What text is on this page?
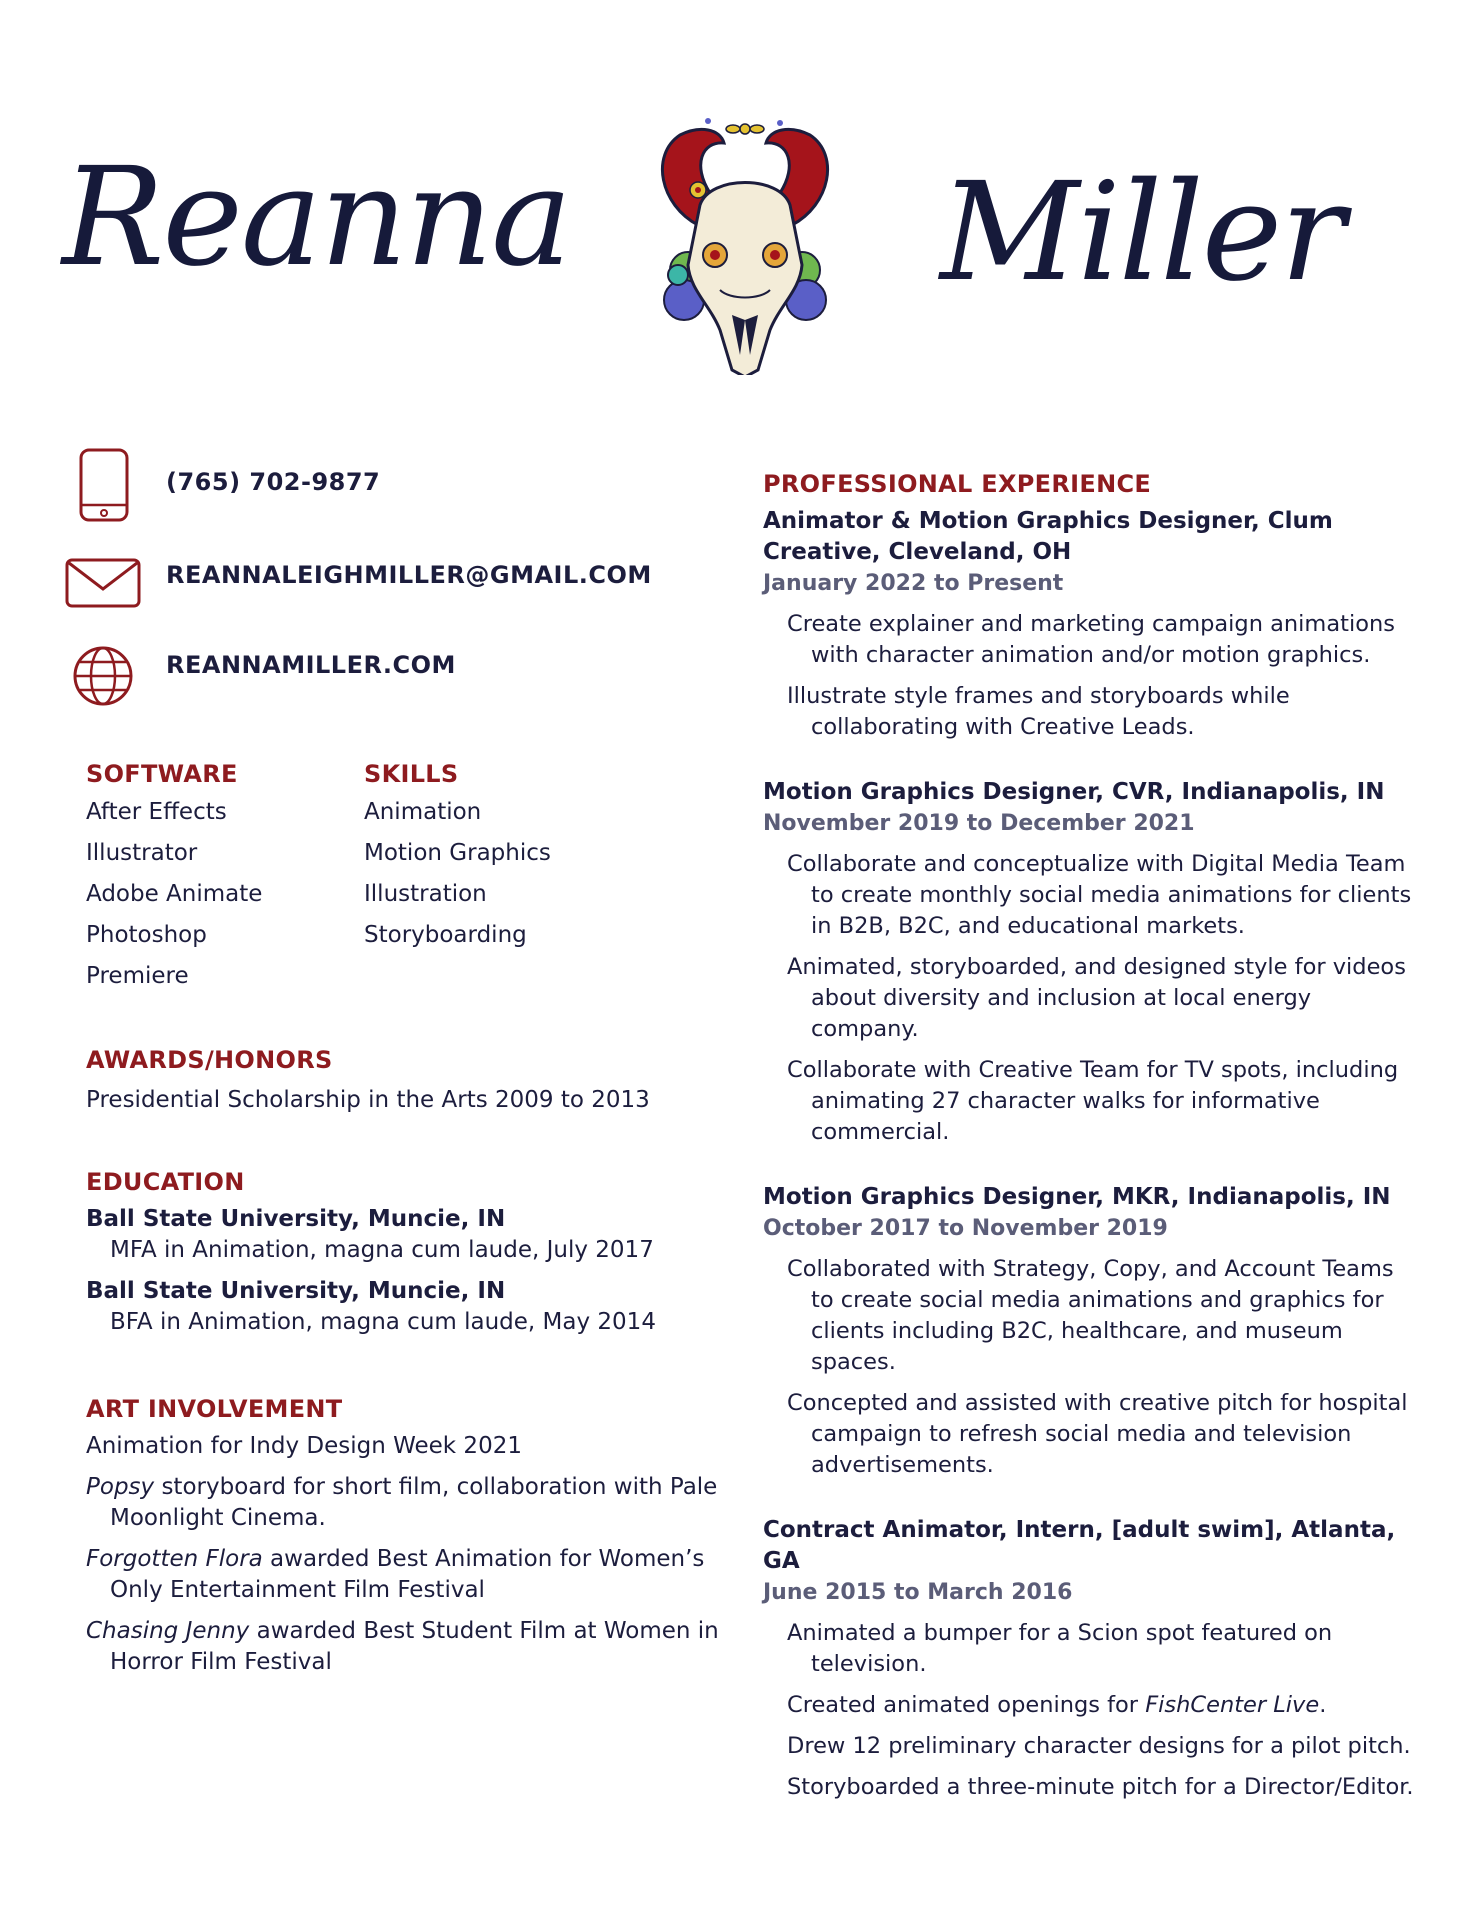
Reanna	Miller
(765) 702-9877
REANNALEIGHMILLER@GMAIL.COM
REANNAMILLER.COM
SOFTWARE
After Effects
Illustrator
Adobe Animate
Photoshop
Premiere
SKILLS
Animation
Motion Graphics
Illustration
Storyboarding
AWARDS/HONORS
Presidential Scholarship in the Arts 2009 to 2013
EDUCATION
Ball State University, Muncie, IN
MFA in Animation, magna cum laude, July 2017
Ball State University, Muncie, IN
BFA in Animation, magna cum laude, May 2014
ART INVOLVEMENT
Animation for Indy Design Week 2021
Popsy storyboard for short film, collaboration with Pale Moonlight Cinema.
Forgotten Flora awarded Best Animation for Women’s Only Entertainment Film Festival
Chasing Jenny awarded Best Student Film at Women in Horror Film Festival
PROFESSIONAL EXPERIENCE
Animator & Motion Graphics Designer, Clum Creative, Cleveland, OH
January 2022 to Present
Create explainer and marketing campaign animations with character animation and/or motion graphics.
Illustrate style frames and storyboards while collaborating with Creative Leads.
Motion Graphics Designer, CVR, Indianapolis, IN
November 2019 to December 2021
Collaborate and conceptualize with Digital Media Team to create monthly social media animations for clients in B2B, B2C, and educational markets.
Animated, storyboarded, and designed style for videos about diversity and inclusion at local energy company.
Collaborate with Creative Team for TV spots, including animating 27 character walks for informative commercial.
Motion Graphics Designer, MKR, Indianapolis, IN
October 2017 to November 2019
Collaborated with Strategy, Copy, and Account Teams to create social media animations and graphics for clients including B2C, healthcare, and museum spaces.
Concepted and assisted with creative pitch for hospital campaign to refresh social media and television advertisements.
Contract Animator, Intern, [adult swim], Atlanta, GA
June 2015 to March 2016
Animated a bumper for a Scion spot featured on television.
Created animated openings for FishCenter Live.
Drew 12 preliminary character designs for a pilot pitch.
Storyboarded a three-minute pitch for a Director/Editor.
